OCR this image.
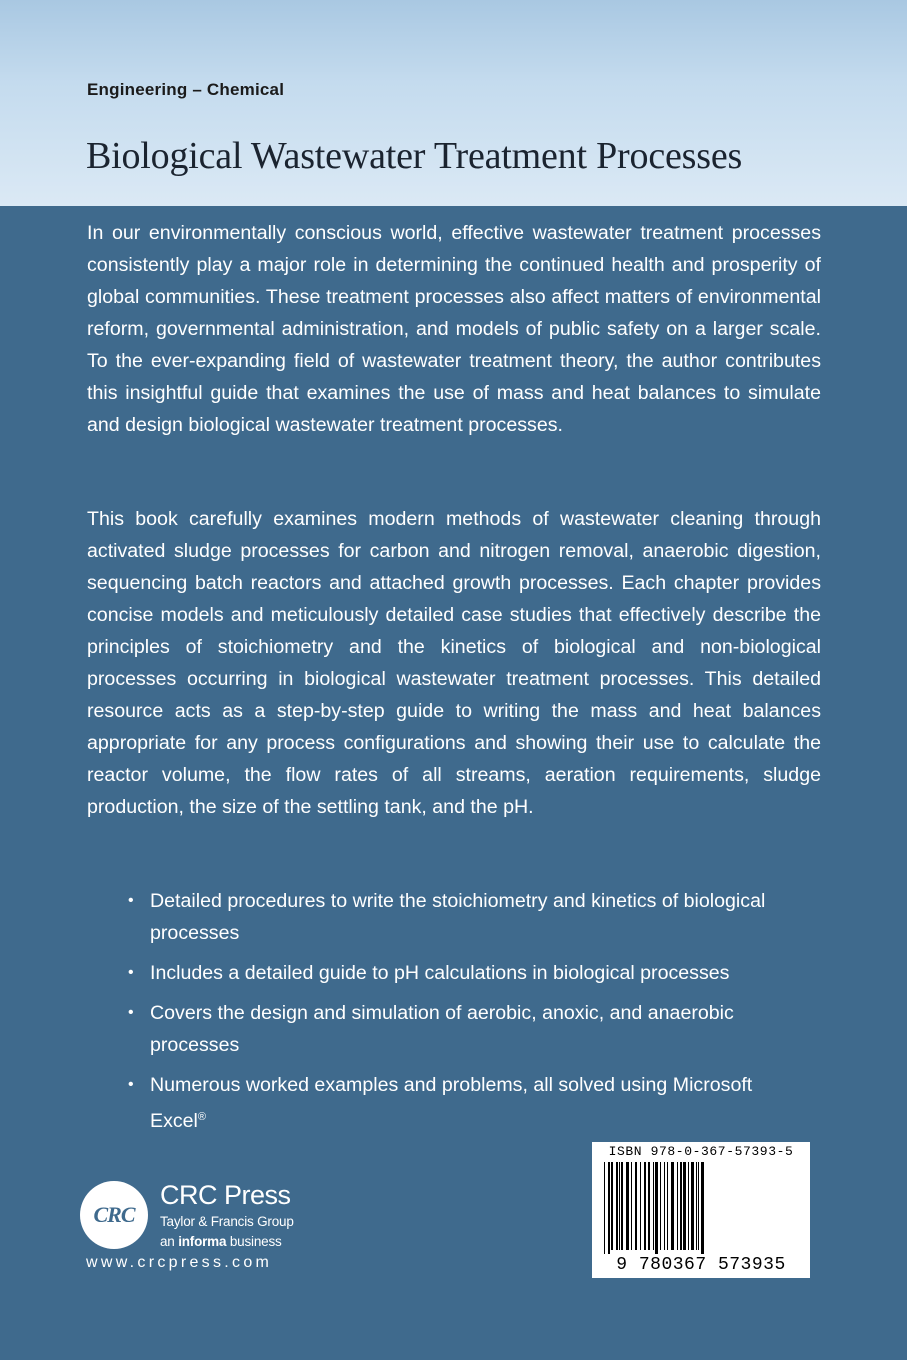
Engineering – Chemical
Biological Wastewater Treatment Processes

In our environmentally conscious world, effective wastewater treatment processes consistently play a major role in determining the continued health and prosperity of global communities. These treatment processes also affect matters of environmental reform, governmental administration, and models of public safety on a larger scale. To the ever-expanding field of wastewater treatment theory, the author contributes this insightful guide that examines the use of mass and heat balances to simulate and design biological wastewater treatment processes.

This book carefully examines modern methods of wastewater cleaning through activated sludge processes for carbon and nitrogen removal, anaerobic digestion, sequencing batch reactors and attached growth processes. Each chapter provides concise models and meticulously detailed case studies that effectively describe the principles of stoichiometry and the kinetics of biological and non-biological processes occurring in biological wastewater treatment processes. This detailed resource acts as a step-by-step guide to writing the mass and heat balances appropriate for any process configurations and showing their use to calculate the reactor volume, the flow rates of all streams, aeration requirements, sludge production, the size of the settling tank, and the pH.

• Detailed procedures to write the stoichiometry and kinetics of biological processes
• Includes a detailed guide to pH calculations in biological processes
• Covers the design and simulation of aerobic, anoxic, and anaerobic processes
• Numerous worked examples and problems, all solved using Microsoft Excel®
CRC
CRC Press
Taylor & Francis Group
an informa business
www.crcpress.com
ISBN 978-0-367-57393-5
9 780367 573935
